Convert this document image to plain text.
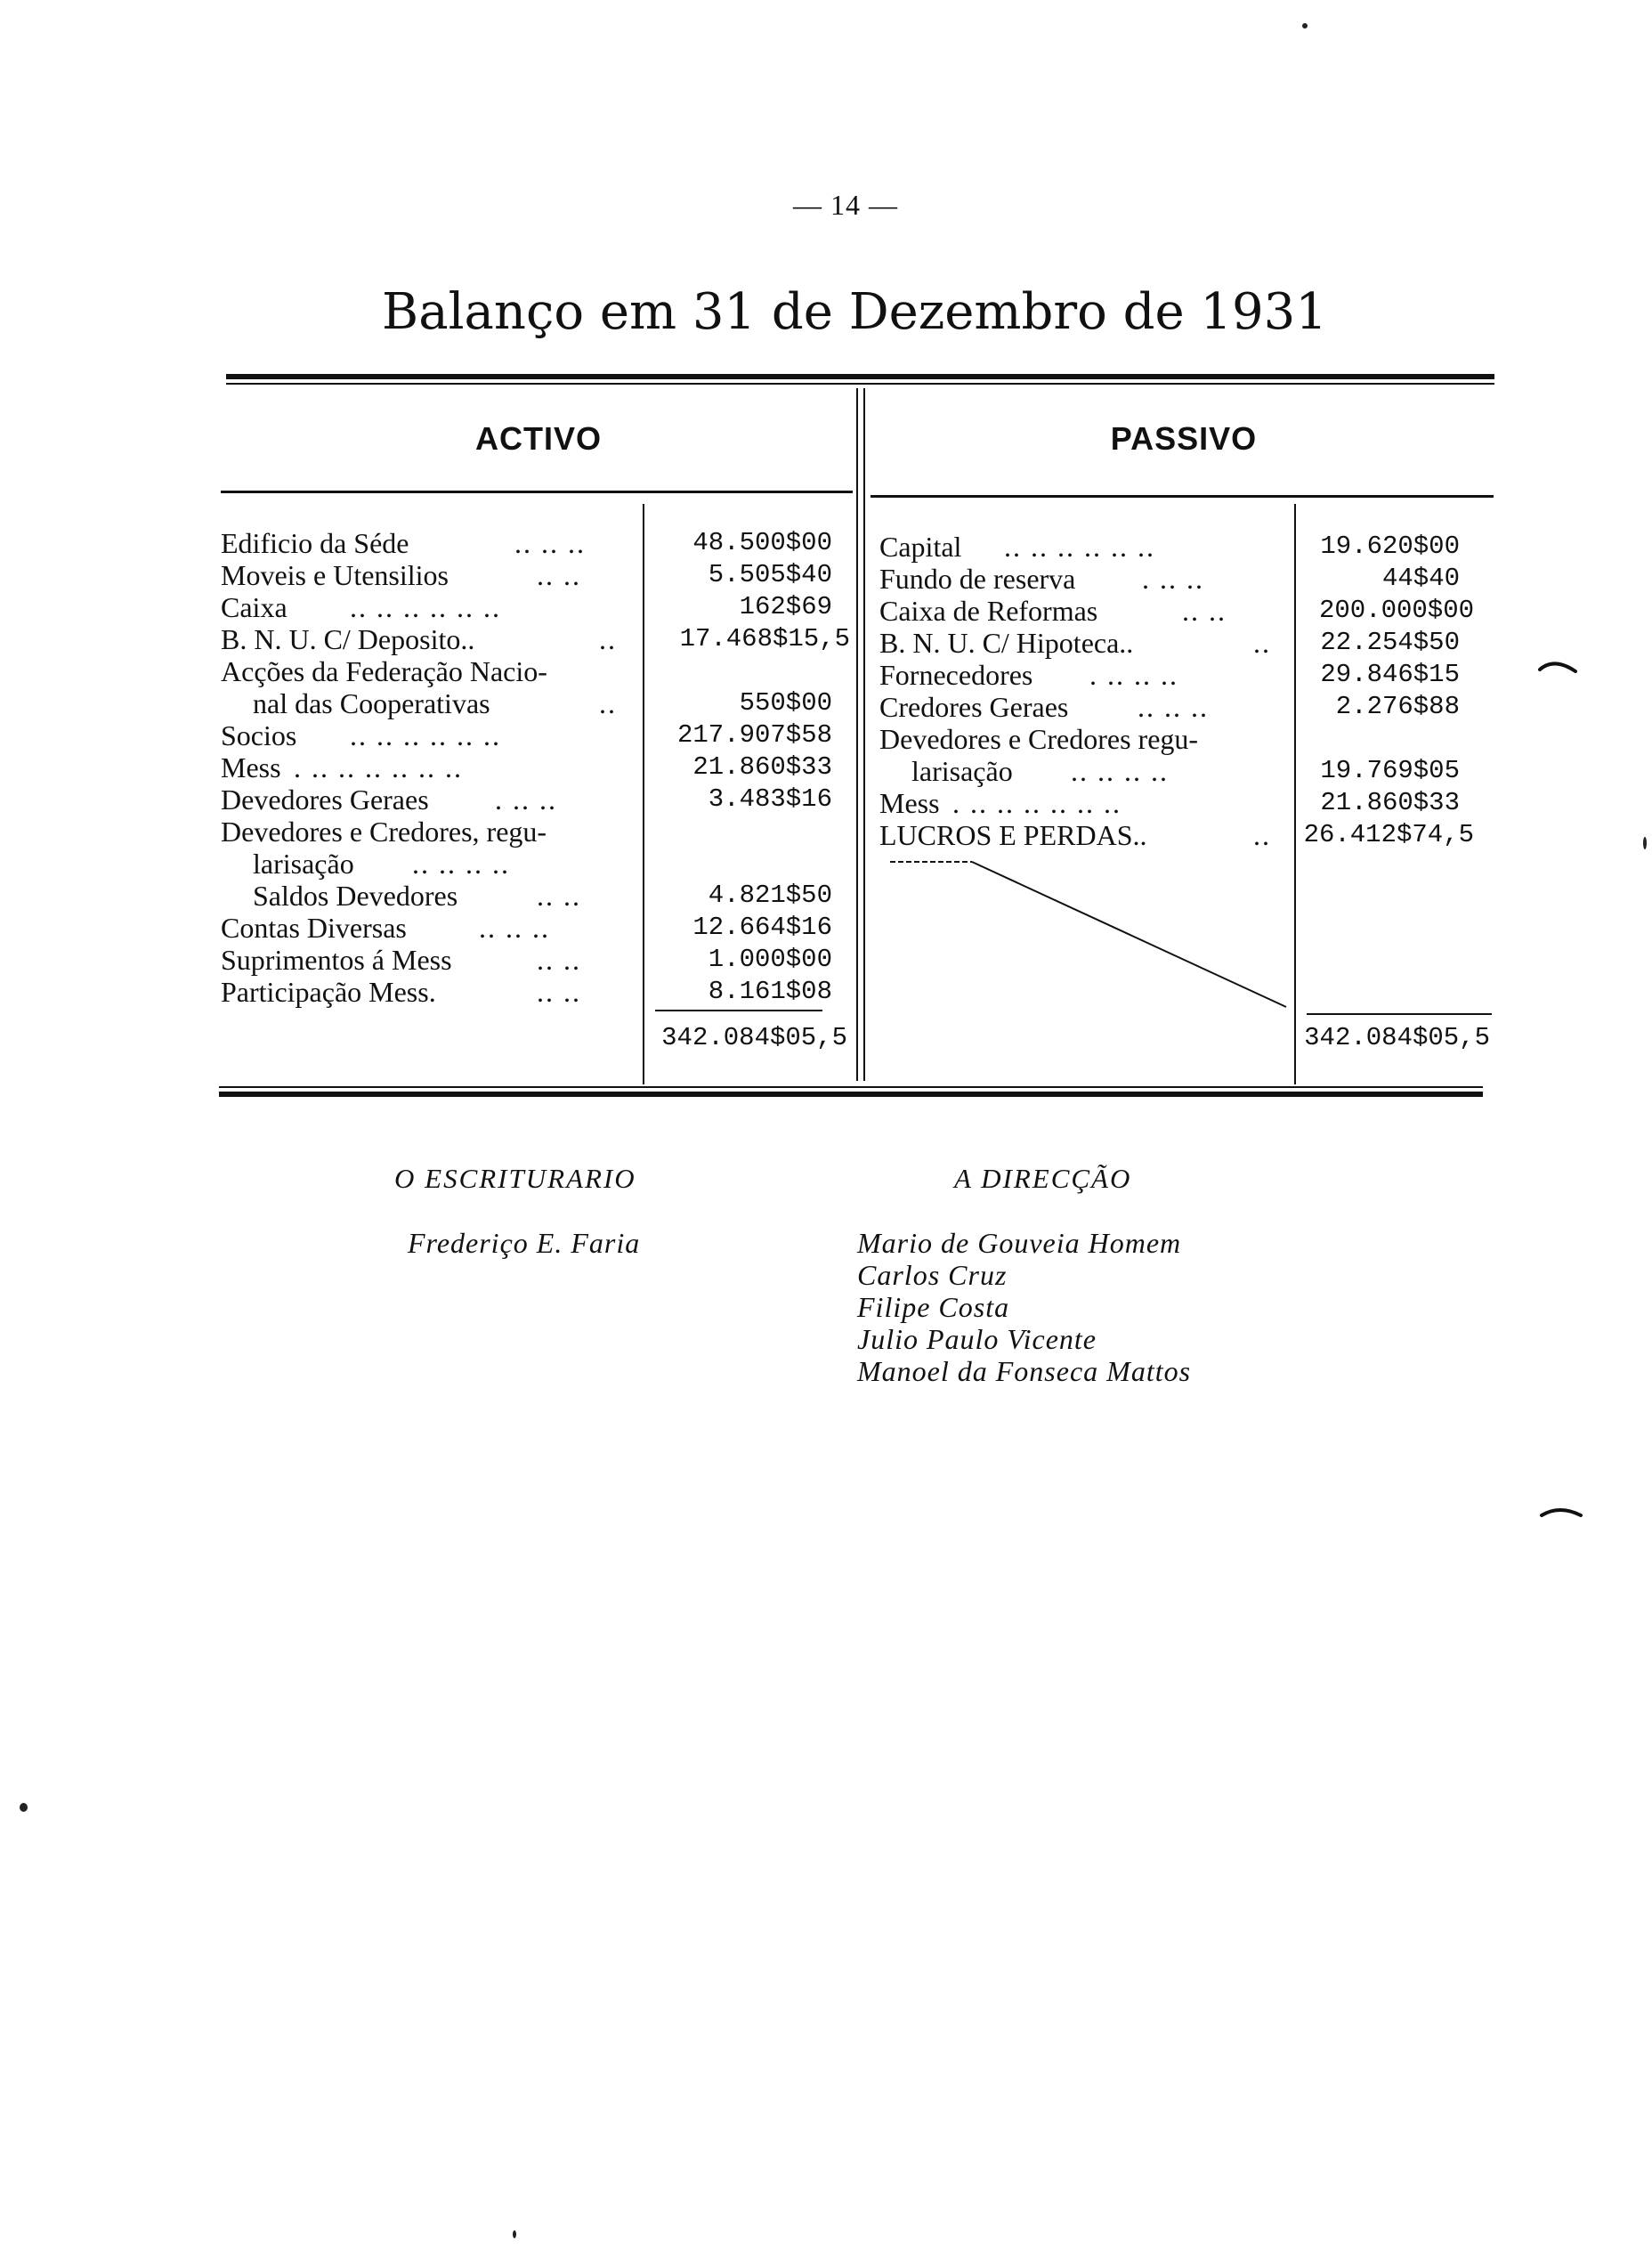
— 14 —
Balanço em 31 de Dezembro de 1931
ACTIVO	PASSIVO
Edificio da Séde	.. .. ..	48.500$00
Moveis e Utensilios	.. ..	5.505$40
Caixa .. .. .. .. .. ..	162$69
B. N. U. C/ Deposito..	..	17.468$15,5
Acções da Federação Nacio-
nal das Cooperativas	..	550$00
Socios .. .. .. .. .. ..	217.907$58
Mess . .. .. .. .. .. ..	21.860$33
Devedores Geraes . .. ..	3.483$16
Devedores e Credores, regu-
larisação .. .. .. ..
Saldos Devedores	.. ..	4.821$50
Contas Diversas	.. .. ..	12.664$16
Suprimentos á Mess	.. ..	1.000$00
Participação Mess.	.. ..	8.161$08
342.084$05,5
Capital .. .. .. .. .. ..	19.620$00
Fundo de reserva . .. ..	44$40
Caixa de Reformas	.. ..	200.000$00
B. N. U. C/ Hipoteca..	..	22.254$50
Fornecedores . .. .. ..	29.846$15
Credores Geraes .. .. ..	2.276$88
Devedores e Credores regu-
larisação .. .. .. ..	19.769$05
Mess . .. .. .. .. .. ..	21.860$33
LUCROS E PERDAS..	.. 26.412$74,5
342.084$05,5
O ESCRITURARIO
Frederiço E. Faria
A DIRECÇÃO
Mario de Gouveia Homem
Carlos Cruz
Filipe Costa
Julio Paulo Vicente
Manoel da Fonseca Mattos
